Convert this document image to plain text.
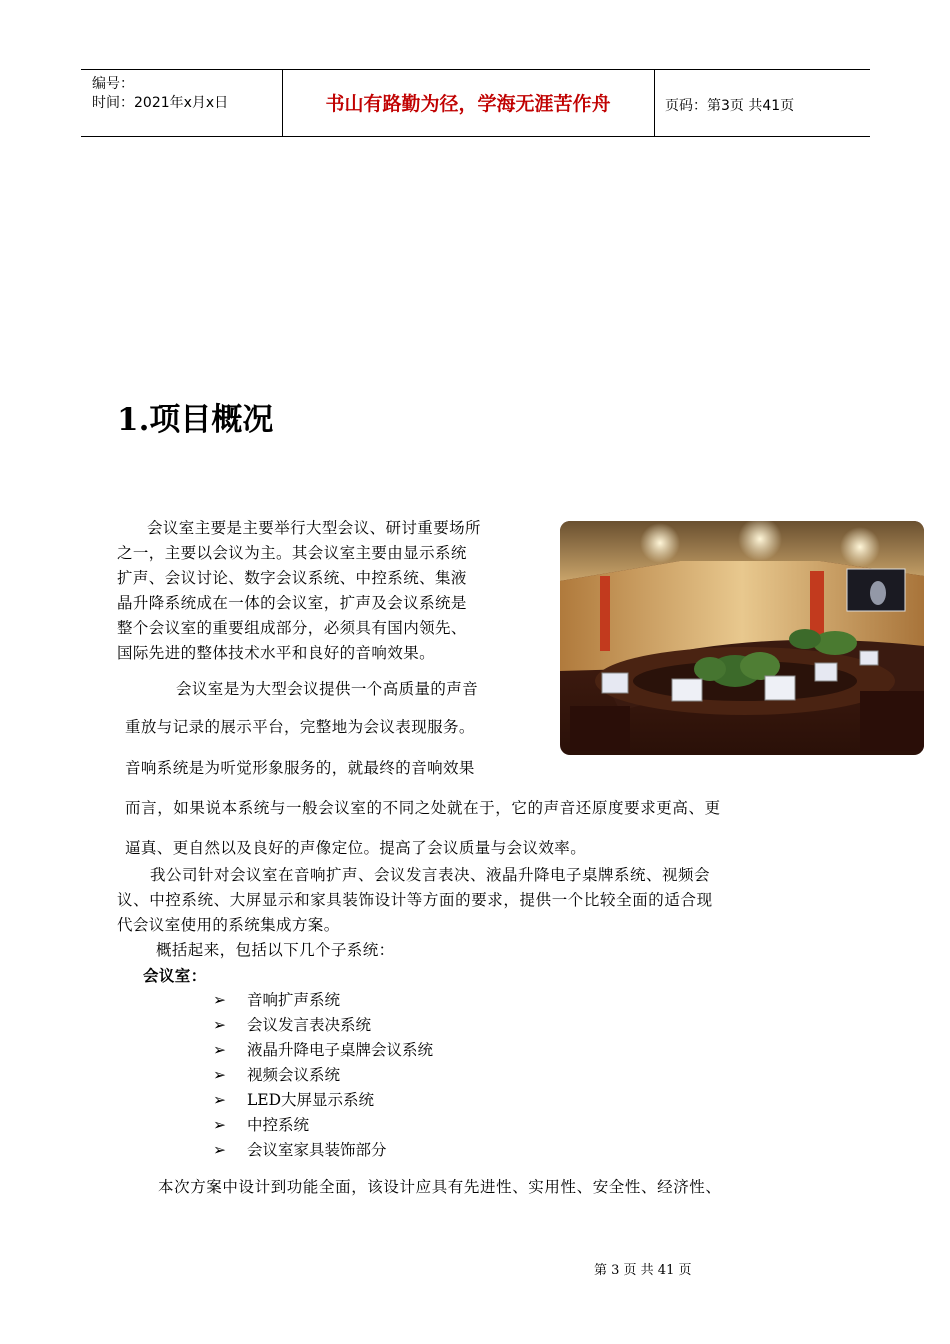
编号：
时间：2021年x月x日	书山有路勤为径，学海无涯苦作舟	页码：第3页 共41页
1.项目概况
会议室主要是主要举行大型会议、研讨重要场所
之一，主要以会议为主。其会议室主要由显示系统
扩声、会议讨论、数字会议系统、中控系统、集液
晶升降系统成在一体的会议室，扩声及会议系统是
整个会议室的重要组成部分，必须具有国内领先、
国际先进的整体技术水平和良好的音响效果。
会议室是为大型会议提供一个高质量的声音
重放与记录的展示平台，完整地为会议表现服务。
音响系统是为听觉形象服务的，就最终的音响效果
而言，如果说本系统与一般会议室的不同之处就在于，它的声音还原度要求更高、更
逼真、更自然以及良好的声像定位。提高了会议质量与会议效率。
我公司针对会议室在音响扩声、会议发言表决、液晶升降电子桌牌系统、视频会
议、中控系统、大屏显示和家具装饰设计等方面的要求，提供一个比较全面的适合现
代会议室使用的系统集成方案。
概括起来，包括以下几个子系统：
会议室：
➢ 音响扩声系统
➢ 会议发言表决系统
➢ 液晶升降电子桌牌会议系统
➢ 视频会议系统
➢ LED大屏显示系统
➢ 中控系统
➢ 会议室家具装饰部分
本次方案中设计到功能全面，该设计应具有先进性、实用性、安全性、经济性、
第 3 页 共 41 页
